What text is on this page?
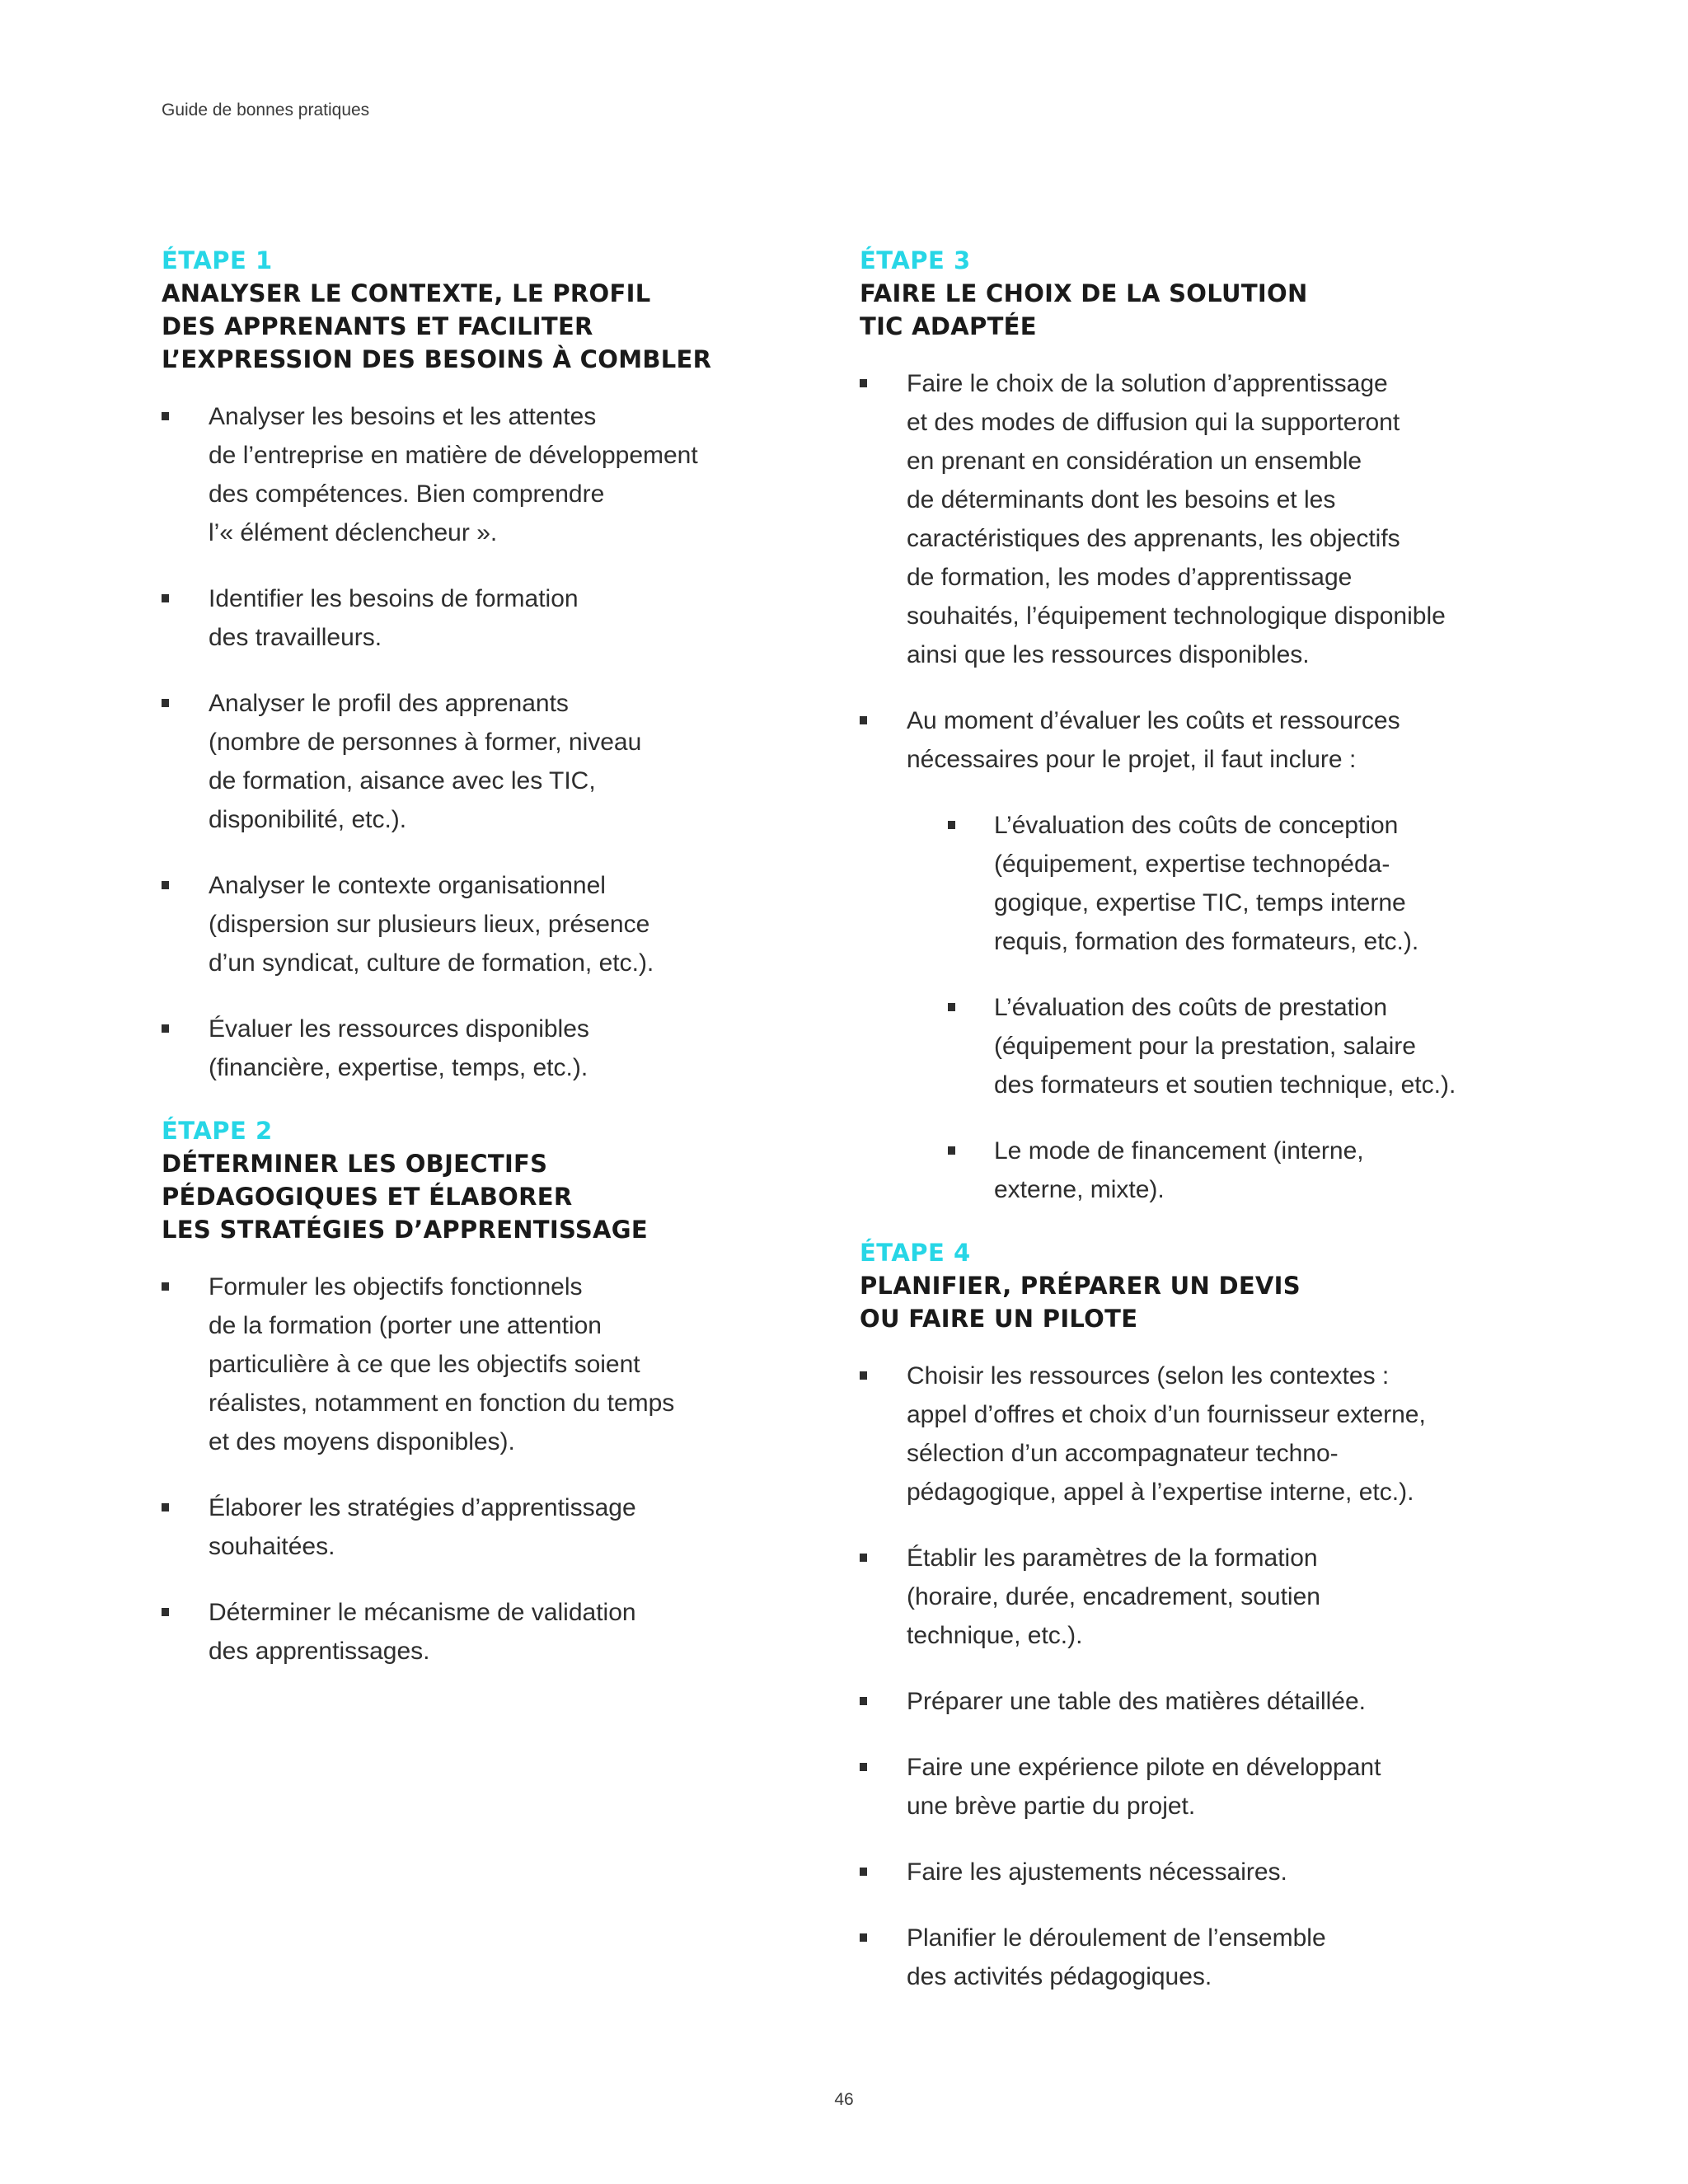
Guide de bonnes pratiques
ÉTAPE 1
ANALYSER LE CONTEXTE, LE PROFIL
DES APPRENANTS ET FACILITER
L’EXPRESSION DES BESOINS À COMBLER
Analyser les besoins et les attentes
de l’entreprise en matière de développement
des compétences. Bien comprendre
l’« élément déclencheur ».
Identifier les besoins de formation
des travailleurs.
Analyser le profil des apprenants
(nombre de personnes à former, niveau
de formation, aisance avec les TIC,
disponibilité, etc.).
Analyser le contexte organisationnel
(dispersion sur plusieurs lieux, présence
d’un syndicat, culture de formation, etc.).
Évaluer les ressources disponibles
(financière, expertise, temps, etc.).
ÉTAPE 2
DÉTERMINER LES OBJECTIFS
PÉDAGOGIQUES ET ÉLABORER
LES STRATÉGIES D’APPRENTISSAGE
Formuler les objectifs fonctionnels
de la formation (porter une attention
particulière à ce que les objectifs soient
réalistes, notamment en fonction du temps
et des moyens disponibles).
Élaborer les stratégies d’apprentissage
souhaitées.
Déterminer le mécanisme de validation
des apprentissages.
ÉTAPE 3
FAIRE LE CHOIX DE LA SOLUTION
TIC ADAPTÉE
Faire le choix de la solution d’apprentissage
et des modes de diffusion qui la supporteront
en prenant en considération un ensemble
de déterminants dont les besoins et les
caractéristiques des apprenants, les objectifs
de formation, les modes d’apprentissage
souhaités, l’équipement technologique disponible
ainsi que les ressources disponibles.
Au moment d’évaluer les coûts et ressources
nécessaires pour le projet, il faut inclure :
L’évaluation des coûts de conception
(équipement, expertise technopéda-
gogique, expertise TIC, temps interne
requis, formation des formateurs, etc.).
L’évaluation des coûts de prestation
(équipement pour la prestation, salaire
des formateurs et soutien technique, etc.).
Le mode de financement (interne,
externe, mixte).
ÉTAPE 4
PLANIFIER, PRÉPARER UN DEVIS
OU FAIRE UN PILOTE
Choisir les ressources (selon les contextes :
appel d’offres et choix d’un fournisseur externe,
sélection d’un accompagnateur techno-
pédagogique, appel à l’expertise interne, etc.).
Établir les paramètres de la formation
(horaire, durée, encadrement, soutien
technique, etc.).
Préparer une table des matières détaillée.
Faire une expérience pilote en développant
une brève partie du projet.
Faire les ajustements nécessaires.
Planifier le déroulement de l’ensemble
des activités pédagogiques.
46
